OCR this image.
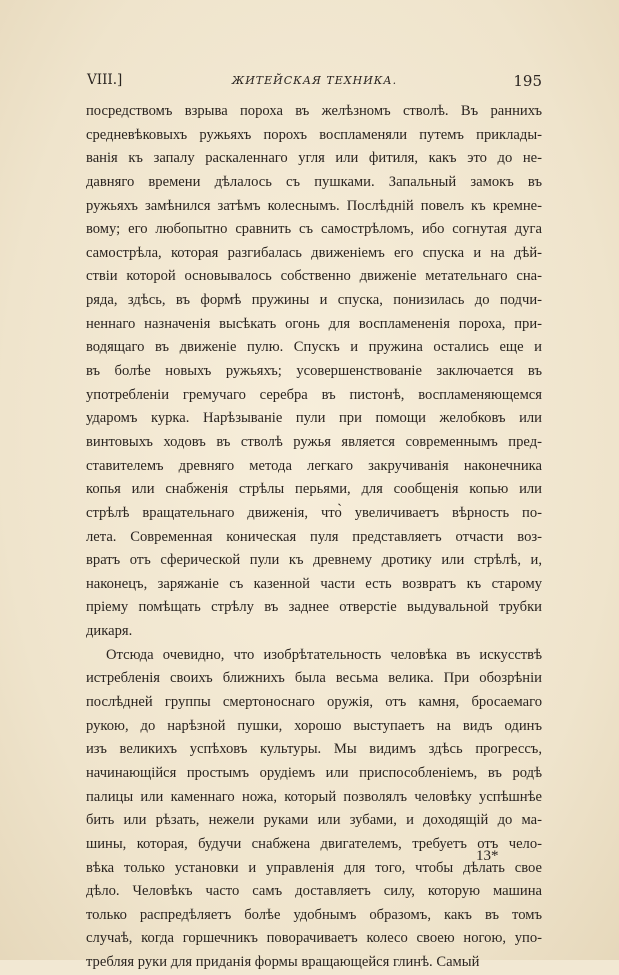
VIII.]	ЖИТЕЙСКАЯ ТЕХНИКА.	195
посредствомъ взрыва пороха въ желѣзномъ стволѣ. Въ раннихъ
средневѣковыхъ ружьяхъ порохъ воспламеняли путемъ приклады-
ванія къ запалу раскаленнаго угля или фитиля, какъ это до не-
давняго времени дѣлалось съ пушками. Запальный замокъ въ
ружьяхъ замѣнился затѣмъ колеснымъ. Послѣдній повелъ къ кремне-
вому; его любопытно сравнить съ самострѣломъ, ибо согнутая дуга
самострѣла, которая разгибалась движеніемъ его спуска и на дѣй-
ствіи которой основывалось собственно движеніе метательнаго сна-
ряда, здѣсь, въ формѣ пружины и спуска, понизилась до подчи-
неннаго назначенія высѣкать огонь для воспламененія пороха, при-
водящаго въ движеніе пулю. Спускъ и пружина остались еще и
въ болѣе новыхъ ружьяхъ; усовершенствованіе заключается въ
употребленіи гремучаго серебра въ пистонѣ, воспламеняющемся
ударомъ курка. Нарѣзываніе пули при помощи желобковъ или
винтовыхъ ходовъ въ стволѣ ружья является современнымъ пред-
ставителемъ древняго метода легкаго закручиванія наконечника
копья или снабженія стрѣлы перьями, для сообщенія копью или
стрѣлѣ вращательнаго движенія, что̀ увеличиваетъ вѣрность по-
лета. Современная коническая пуля представляетъ отчасти воз-
вратъ отъ сферической пули къ древнему дротику или стрѣлѣ, и,
наконецъ, заряжаніе съ казенной части есть возвратъ къ старому
пріему помѣщать стрѣлу въ заднее отверстіе выдувальной трубки
дикаря.
Отсюда очевидно, что изобрѣтательность человѣка въ искусствѣ
истребленія своихъ ближнихъ была весьма велика. При обозрѣніи
послѣдней группы смертоноснаго оружія, отъ камня, бросаемаго
рукою, до нарѣзной пушки, хорошо выступаетъ на видъ одинъ
изъ великихъ успѣховъ культуры. Мы видимъ здѣсь прогрессъ,
начинающійся простымъ орудіемъ или приспособленіемъ, въ родѣ
палицы или каменнаго ножа, который позволялъ человѣку успѣшнѣе
бить или рѣзать, нежели руками или зубами, и доходящій до ма-
шины, которая, будучи снабжена двигателемъ, требуетъ отъ чело-
вѣка только установки и управленія для того, чтобы дѣлать свое
дѣло. Человѣкъ часто самъ доставляетъ силу, которую машина
только распредѣляетъ болѣе удобнымъ образомъ, какъ въ томъ
случаѣ, когда горшечникъ поворачиваетъ колесо своею ногою, упо-
требляя руки для приданія формы вращающейся глинѣ. Самый
13*
